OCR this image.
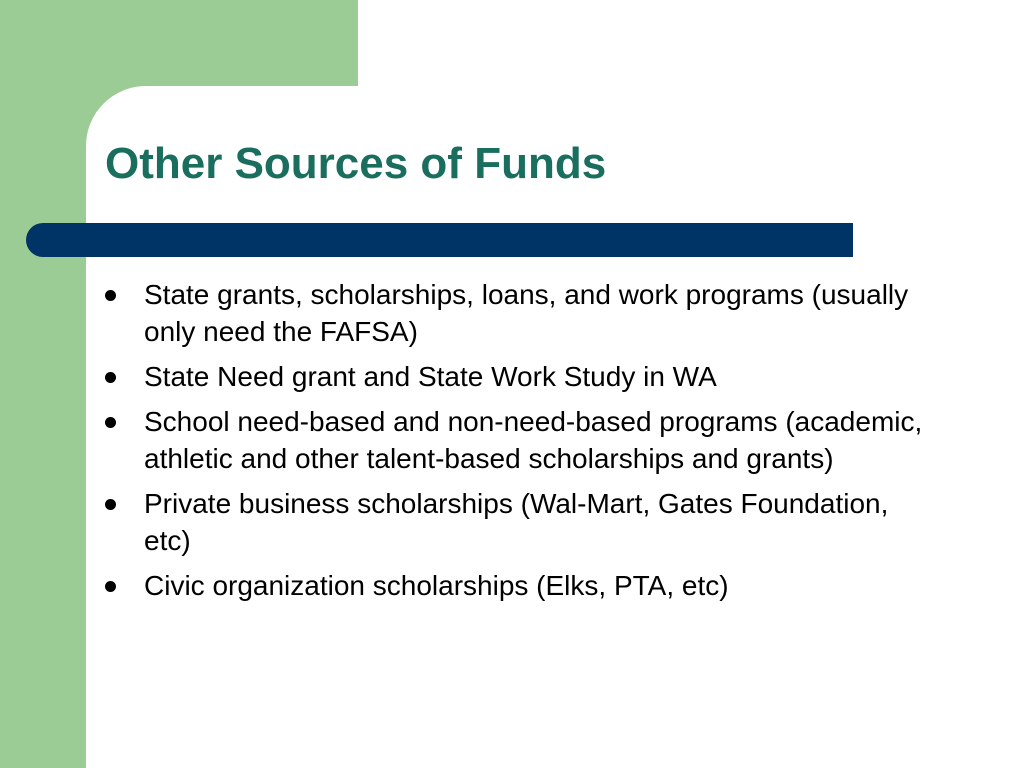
Other Sources of Funds
State grants, scholarships, loans, and work programs (usually only need the FAFSA)
State Need grant and State Work Study in WA
School need-based and non-need-based programs (academic, athletic and other talent-based scholarships and grants)
Private business scholarships (Wal-Mart, Gates Foundation, etc)
Civic organization scholarships (Elks, PTA, etc)
